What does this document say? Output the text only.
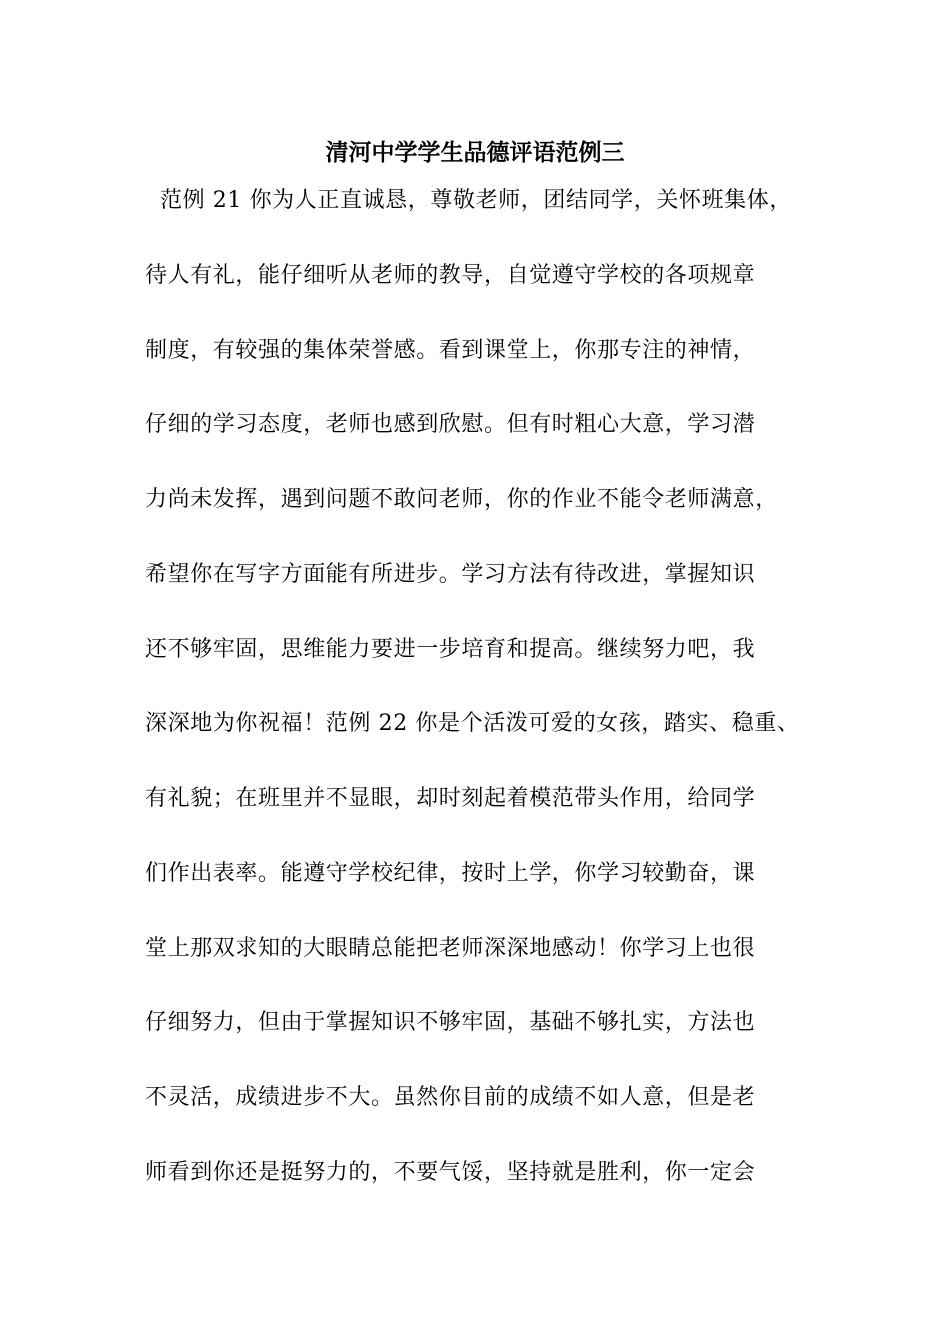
清河中学学生品德评语范例三
范例 21 你为人正直诚恳，尊敬老师，团结同学，关怀班集体，
待人有礼，能仔细听从老师的教导，自觉遵守学校的各项规章
制度，有较强的集体荣誉感。看到课堂上，你那专注的神情，
仔细的学习态度，老师也感到欣慰。但有时粗心大意，学习潜
力尚未发挥，遇到问题不敢问老师，你的作业不能令老师满意，
希望你在写字方面能有所进步。学习方法有待改进，掌握知识
还不够牢固，思维能力要进一步培育和提高。继续努力吧，我
深深地为你祝福！范例 22 你是个活泼可爱的女孩，踏实、稳重、
有礼貌；在班里并不显眼，却时刻起着模范带头作用，给同学
们作出表率。能遵守学校纪律，按时上学，你学习较勤奋，课
堂上那双求知的大眼睛总能把老师深深地感动！你学习上也很
仔细努力，但由于掌握知识不够牢固，基础不够扎实，方法也
不灵活，成绩进步不大。虽然你目前的成绩不如人意，但是老
师看到你还是挺努力的，不要气馁，坚持就是胜利，你一定会
